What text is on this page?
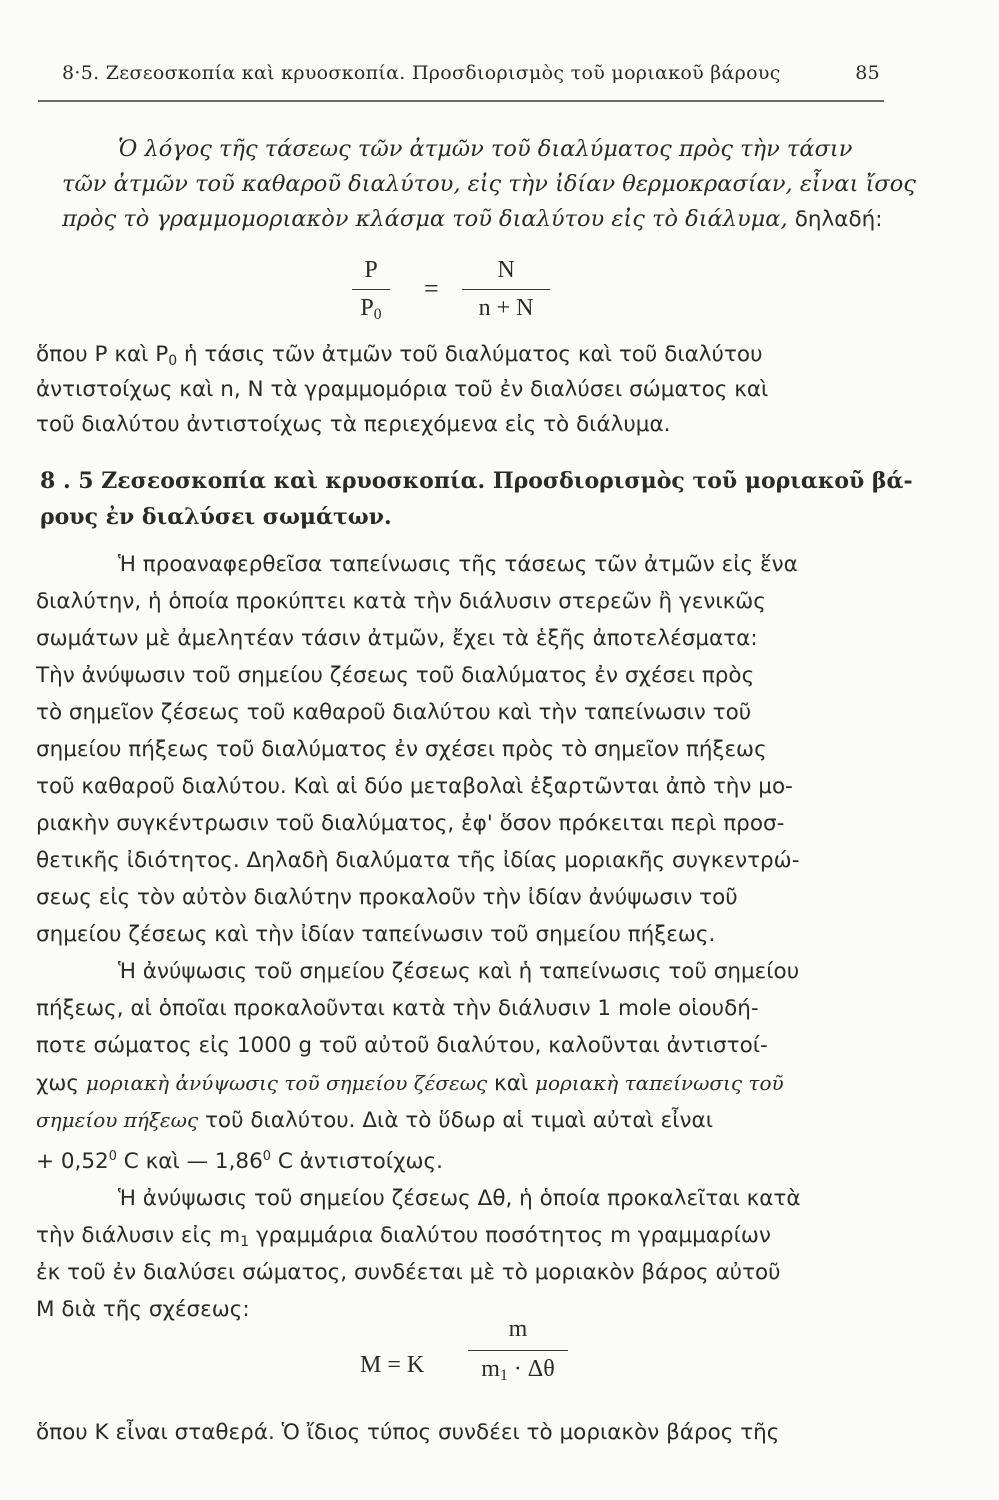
8·5. Ζεσεοσκοπία καὶ κρυοσκοπία. Προσδιορισμὸς τοῦ μοριακοῦ βάρους	85
Ὁ λόγος τῆς τάσεως τῶν ἀτμῶν τοῦ διαλύματος πρὸς τὴν τάσιν
τῶν ἀτμῶν τοῦ καθαροῦ διαλύτου, εἰς τὴν ἰδίαν θερμοκρασίαν, εἶναι ἴσος
πρὸς τὸ γραμμομοριακὸν κλάσμα τοῦ διαλύτου εἰς τὸ διάλυμα, δηλαδή:
P
$P_0$
=
N
n + N
ὅπου P καὶ $P_0$ ἡ τάσις τῶν ἀτμῶν τοῦ διαλύματος καὶ τοῦ διαλύτου
ἀντιστοίχως καὶ n, N τὰ γραμμομόρια τοῦ ἐν διαλύσει σώματος καὶ
τοῦ διαλύτου ἀντιστοίχως τὰ περιεχόμενα εἰς τὸ διάλυμα.
8 . 5 Ζεσεοσκοπία καὶ κρυοσκοπία. Προσδιορισμὸς τοῦ μοριακοῦ βά-
ρους ἐν διαλύσει σωμάτων.
Ἡ προαναφερθεῖσα ταπείνωσις τῆς τάσεως τῶν ἀτμῶν εἰς ἕνα
διαλύτην, ἡ ὁποία προκύπτει κατὰ τὴν διάλυσιν στερεῶν ἢ γενικῶς
σωμάτων μὲ ἀμελητέαν τάσιν ἀτμῶν, ἔχει τὰ ἑξῆς ἀποτελέσματα:
Τὴν ἀνύψωσιν τοῦ σημείου ζέσεως τοῦ διαλύματος ἐν σχέσει πρὸς
τὸ σημεῖον ζέσεως τοῦ καθαροῦ διαλύτου καὶ τὴν ταπείνωσιν τοῦ
σημείου πήξεως τοῦ διαλύματος ἐν σχέσει πρὸς τὸ σημεῖον πήξεως
τοῦ καθαροῦ διαλύτου. Καὶ αἱ δύο μεταβολαὶ ἐξαρτῶνται ἀπὸ τὴν μο-
ριακὴν συγκέντρωσιν τοῦ διαλύματος, ἐφ' ὅσον πρόκειται περὶ προσ-
θετικῆς ἰδιότητος. Δηλαδὴ διαλύματα τῆς ἰδίας μοριακῆς συγκεντρώ-
σεως εἰς τὸν αὐτὸν διαλύτην προκαλοῦν τὴν ἰδίαν ἀνύψωσιν τοῦ
σημείου ζέσεως καὶ τὴν ἰδίαν ταπείνωσιν τοῦ σημείου πήξεως.
Ἡ ἀνύψωσις τοῦ σημείου ζέσεως καὶ ἡ ταπείνωσις τοῦ σημείου
πήξεως, αἱ ὁποῖαι προκαλοῦνται κατὰ τὴν διάλυσιν 1 mole οἱουδή-
ποτε σώματος εἰς 1000 g τοῦ αὐτοῦ διαλύτου, καλοῦνται ἀντιστοί-
χως μοριακὴ ἀνύψωσις τοῦ σημείου ζέσεως καὶ μοριακὴ ταπείνωσις τοῦ
σημείου πήξεως τοῦ διαλύτου. Διὰ τὸ ὕδωρ αἱ τιμαὶ αὐταὶ εἶναι
+ $0,52^0$ C καὶ — 1,86$^0$ C ἀντιστοίχως.
Ἡ ἀνύψωσις τοῦ σημείου ζέσεως Δθ, ἡ ὁποία προκαλεῖται κατὰ
τὴν διάλυσιν εἰς $m_1$ γραμμάρια διαλύτου ποσότητος m γραμμαρίων
ἐκ τοῦ ἐν διαλύσει σώματος, συνδέεται μὲ τὸ μοριακὸν βάρος αὐτοῦ
M διὰ τῆς σχέσεως:
M = K
m
$m_1 \cdot \Delta\theta$
ὅπου K εἶναι σταθερά. Ὁ ἴδιος τύπος συνδέει τὸ μοριακὸν βάρος τῆς
